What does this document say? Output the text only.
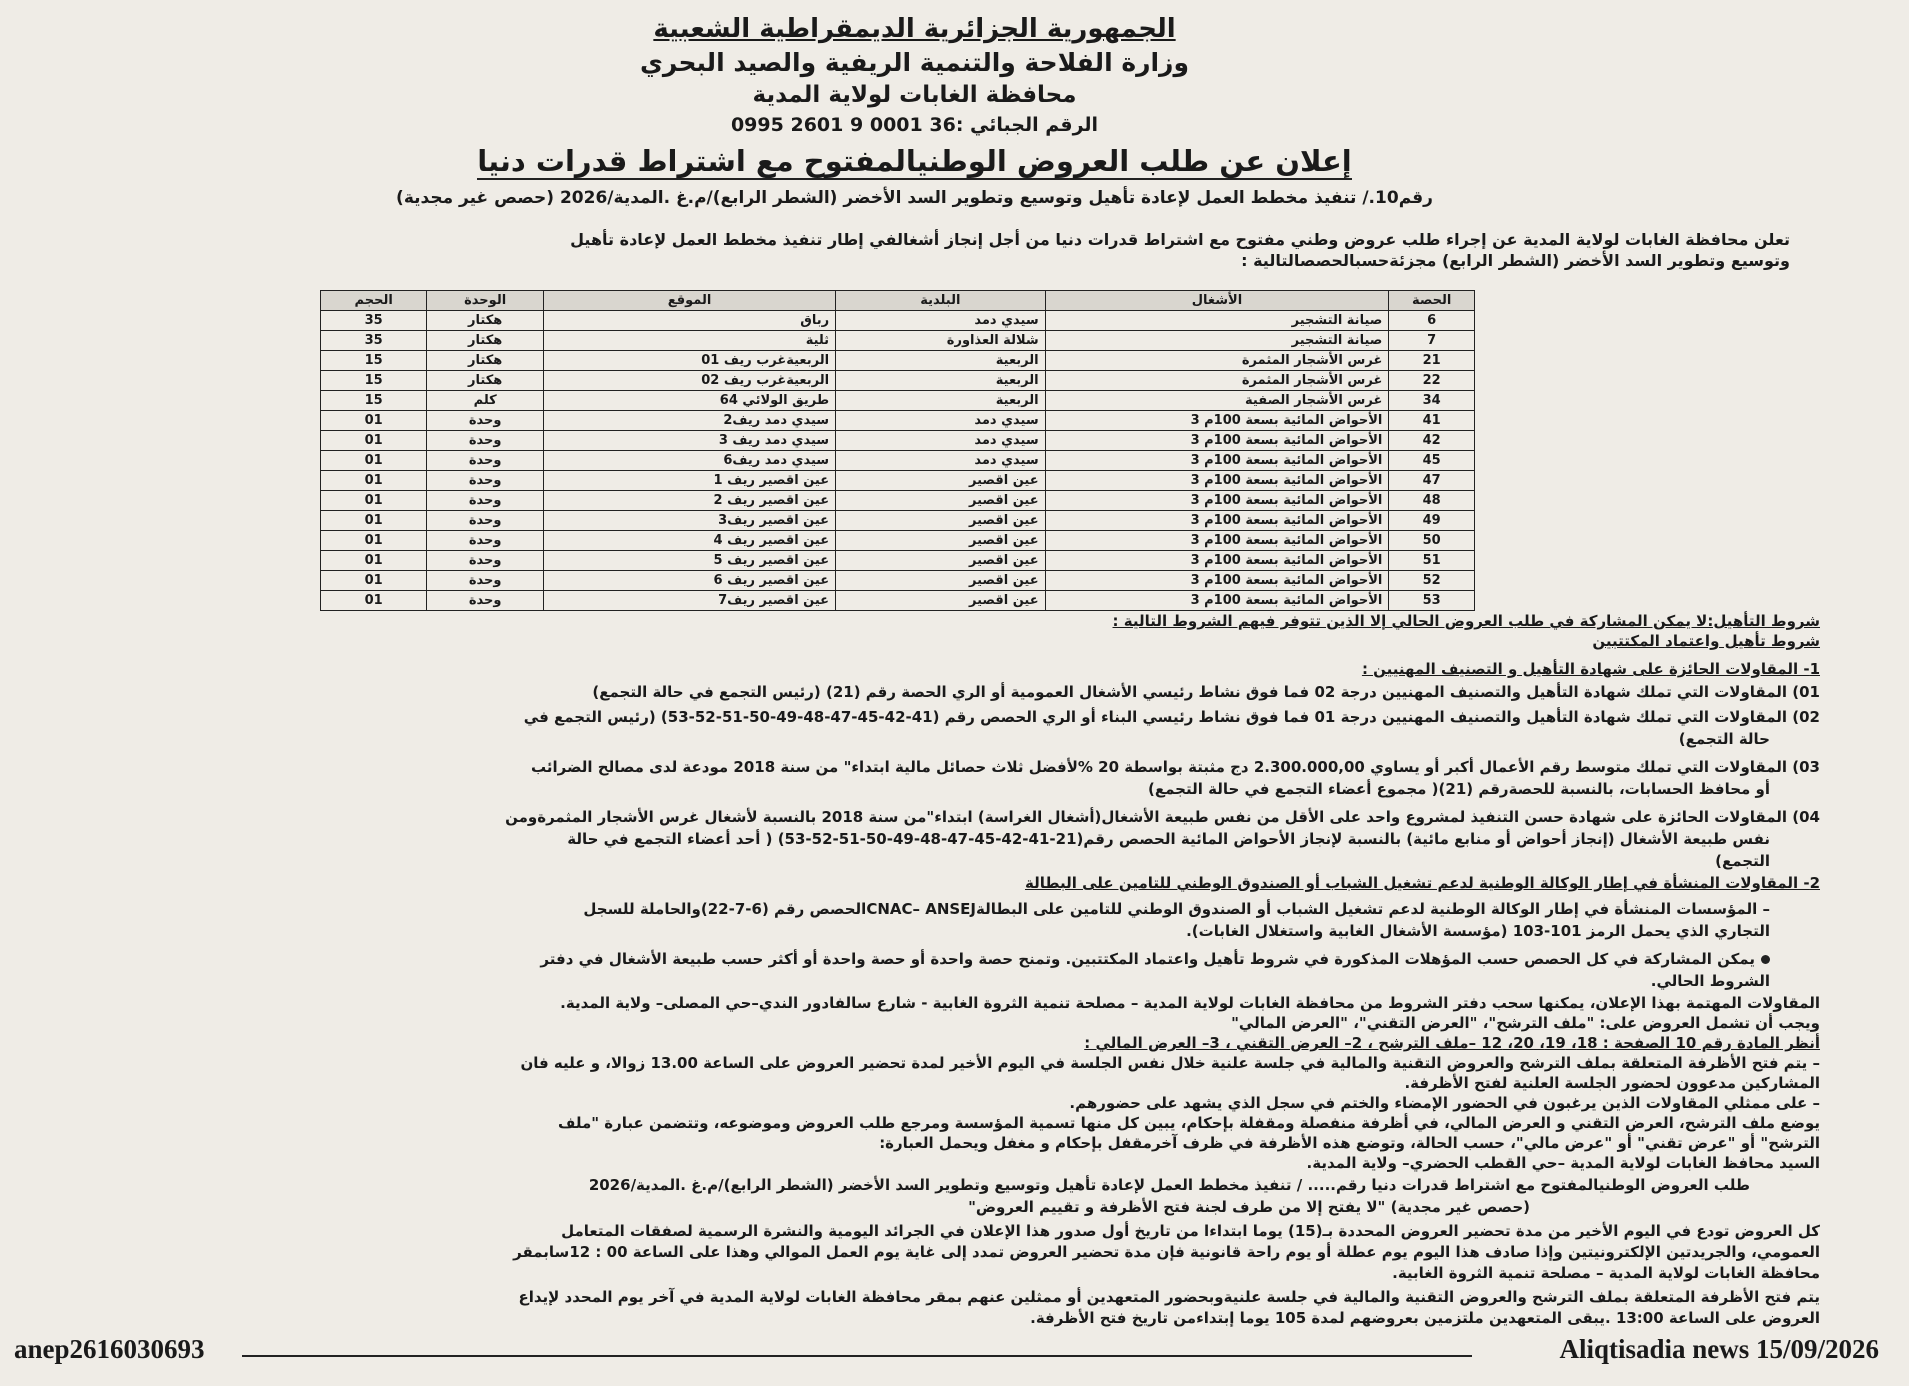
الجمهورية الجزائرية الديمقراطية الشعبية
وزارة الفلاحة والتنمية الريفية والصيد البحري
محافظة الغابات لولاية المدية
الرقم الجبائي :36 0001 9 2601 0995
إعلان عن طلب العروض الوطنيالمفتوح مع اشتراط قدرات دنيا
رقم10./ تنفيذ مخطط العمل لإعادة تأهيل وتوسيع وتطوير السد الأخضر (الشطر الرابع)/م.غ .المدية/2026 (حصص غير مجدية)
تعلن محافظة الغابات لولاية المدية عن إجراء طلب عروض وطني مفتوح مع اشتراط قدرات دنيا من أجل إنجاز أشغالفي إطار تنفيذ مخطط العمل لإعادة تأهيل
وتوسيع وتطوير السد الأخضر (الشطر الرابع) مجزئةحسبالحصصالتالية :
الحصة	الأشغال	البلدية	الموقع	الوحدة	الحجم
6	صيانة التشجير	سيدي دمد	رباق	هكتار	35
7	صيانة التشجير	شلالة العذاورة	ثلية	هكتار	35
21	غرس الأشجار المثمرة	الربعية	الربعيةغرب ريف 01	هكتار	15
22	غرس الأشجار المثمرة	الربعية	الربعيةغرب ريف 02	هكتار	15
34	غرس الأشجار الصفية	الربعية	طريق الولائي 64	كلم	15
41	الأحواض المائية بسعة 100م 3	سيدي دمد	سيدي دمد ريف2	وحدة	01
42	الأحواض المائية بسعة 100م 3	سيدي دمد	سيدي دمد ريف 3	وحدة	01
45	الأحواض المائية بسعة 100م 3	سيدي دمد	سيدي دمد ريف6	وحدة	01
47	الأحواض المائية بسعة 100م 3	عين اقصير	عين اقصير ريف 1	وحدة	01
48	الأحواض المائية بسعة 100م 3	عين اقصير	عين اقصير ريف 2	وحدة	01
49	الأحواض المائية بسعة 100م 3	عين اقصير	عين اقصير ريف3	وحدة	01
50	الأحواض المائية بسعة 100م 3	عين اقصير	عين اقصير ريف 4	وحدة	01
51	الأحواض المائية بسعة 100م 3	عين اقصير	عين اقصير ريف 5	وحدة	01
52	الأحواض المائية بسعة 100م 3	عين اقصير	عين اقصير ريف 6	وحدة	01
53	الأحواض المائية بسعة 100م 3	عين اقصير	عين اقصير ريف7	وحدة	01
شروط التأهيل:لا يمكن المشاركة في طلب العروض الحالي إلا الذين تتوفر فيهم الشروط التالية :
شروط تأهيل واعتماد المكتتبين
1- المقاولات الحائزة على شهادة التأهيل و التصنيف المهنيين :
01) المقاولات التي تملك شهادة التأهيل والتصنيف المهنيين درجة 02 فما فوق نشاط رئيسي الأشغال العمومية أو الري الحصة رقم (21) (رئيس التجمع في حالة التجمع)
02) المقاولات التي تملك شهادة التأهيل والتصنيف المهنيين درجة 01 فما فوق نشاط رئيسي البناء أو الري الحصص رقم (41-42-45-47-48-49-50-51-52-53) (رئيس التجمع في
حالة التجمع)
03) المقاولات التي تملك متوسط رقم الأعمال أكبر أو يساوي 2.300.000,00 دج مثبتة بواسطة 20 %لأفضل ثلاث حصائل مالية ابتداء" من سنة 2018 مودعة لدى مصالح الضرائب
أو محافظ الحسابات، بالنسبة للحصةرقم (21)( مجموع أعضاء التجمع في حالة التجمع)
04) المقاولات الحائزة على شهادة حسن التنفيذ لمشروع واحد على الأقل من نفس طبيعة الأشغال(أشغال الغراسة) ابتداء"من سنة 2018 بالنسبة لأشغال غرس الأشجار المثمرةومن
نفس طبيعة الأشغال (إنجاز أحواض أو منابع مائية) بالنسبة لإنجاز الأحواض المائية الحصص رقم(21-41-42-45-47-48-49-50-51-52-53) ( أحد أعضاء التجمع في حالة
التجمع)
2- المقاولات المنشأة في إطار الوكالة الوطنية لدعم تشغيل الشباب أو الصندوق الوطني للتامين على البطالة
– المؤسسات المنشأة في إطار الوكالة الوطنية لدعم تشغيل الشباب أو الصندوق الوطني للتامين على البطالةCNAC– ANSEJالحصص رقم (6-7-22)والحاملة للسجل
التجاري الذي يحمل الرمز 101-103 (مؤسسة الأشغال الغابية واستغلال الغابات).
يمكن المشاركة في كل الحصص حسب المؤهلات المذكورة في شروط تأهيل واعتماد المكتتبين. وتمنح حصة واحدة أو حصة واحدة أو أكثر حسب طبيعة الأشغال في دفتر
الشروط الحالي.
المقاولات المهتمة بهذا الإعلان، يمكنها سحب دفتر الشروط من محافظة الغابات لولاية المدية – مصلحة تنمية الثروة الغابية - شارع سالفادور الندي–حي المصلى– ولاية المدية.
ويجب أن تشمل العروض على: "ملف الترشح"، "العرض التقني"، "العرض المالي"
أنظر المادة رقم 10 الصفحة : 18، 19، 20، 12 –ملف الترشح ، 2– العرض التقني ، 3– العرض المالي :
– يتم فتح الأظرفة المتعلقة بملف الترشح والعروض التقنية والمالية في جلسة علنية خلال نفس الجلسة في اليوم الأخير لمدة تحضير العروض على الساعة 13.00 زوالا، و عليه فان
المشاركين مدعوون لحضور الجلسة العلنية لفتح الأظرفة.
– على ممثلي المقاولات الذين يرغبون في الحضور الإمضاء والختم في سجل الذي يشهد على حضورهم.
يوضع ملف الترشح، العرض التقني و العرض المالي، في أظرفة منفصلة ومقفلة بإحكام، يبين كل منها تسمية المؤسسة ومرجع طلب العروض وموضوعه، وتتضمن عبارة "ملف
الترشح" أو "عرض تقني" أو "عرض مالي"، حسب الحالة، وتوضع هذه الأظرفة في ظرف آخرمقفل بإحكام و مغفل ويحمل العبارة:
السيد محافظ الغابات لولاية المدية –حي القطب الحضري– ولاية المدية.
طلب العروض الوطنيالمفتوح مع اشتراط قدرات دنيا رقم..... / تنفيذ مخطط العمل لإعادة تأهيل وتوسيع وتطوير السد الأخضر (الشطر الرابع)/م.غ .المدية/2026
(حصص غير مجدية) "لا يفتح إلا من طرف لجنة فتح الأظرفة و تقييم العروض"
كل العروض تودع في اليوم الأخير من مدة تحضير العروض المحددة بـ(15) يوما ابتداءا من تاريخ أول صدور هذا الإعلان في الجرائد اليومية والنشرة الرسمية لصفقات المتعامل
العمومي، والجريدتين الإلكترونيتين وإذا صادف هذا اليوم يوم عطلة أو يوم راحة قانونية فإن مدة تحضير العروض تمدد إلى غاية يوم العمل الموالي وهذا على الساعة 00 : 12سابمقر
محافظة الغابات لولاية المدية – مصلحة تنمية الثروة الغابية.
يتم فتح الأظرفة المتعلقة بملف الترشح والعروض التقنية والمالية في جلسة علنيةوبحضور المتعهدين أو ممثلين عنهم بمقر محافظة الغابات لولاية المدية في آخر يوم المحدد لإيداع
العروض على الساعة 13:00 .يبقى المتعهدين ملتزمين بعروضهم لمدة 105 يوما إبتداءمن تاريخ فتح الأظرفة.
anep2616030693	Aliqtisadia news 15/09/2026
